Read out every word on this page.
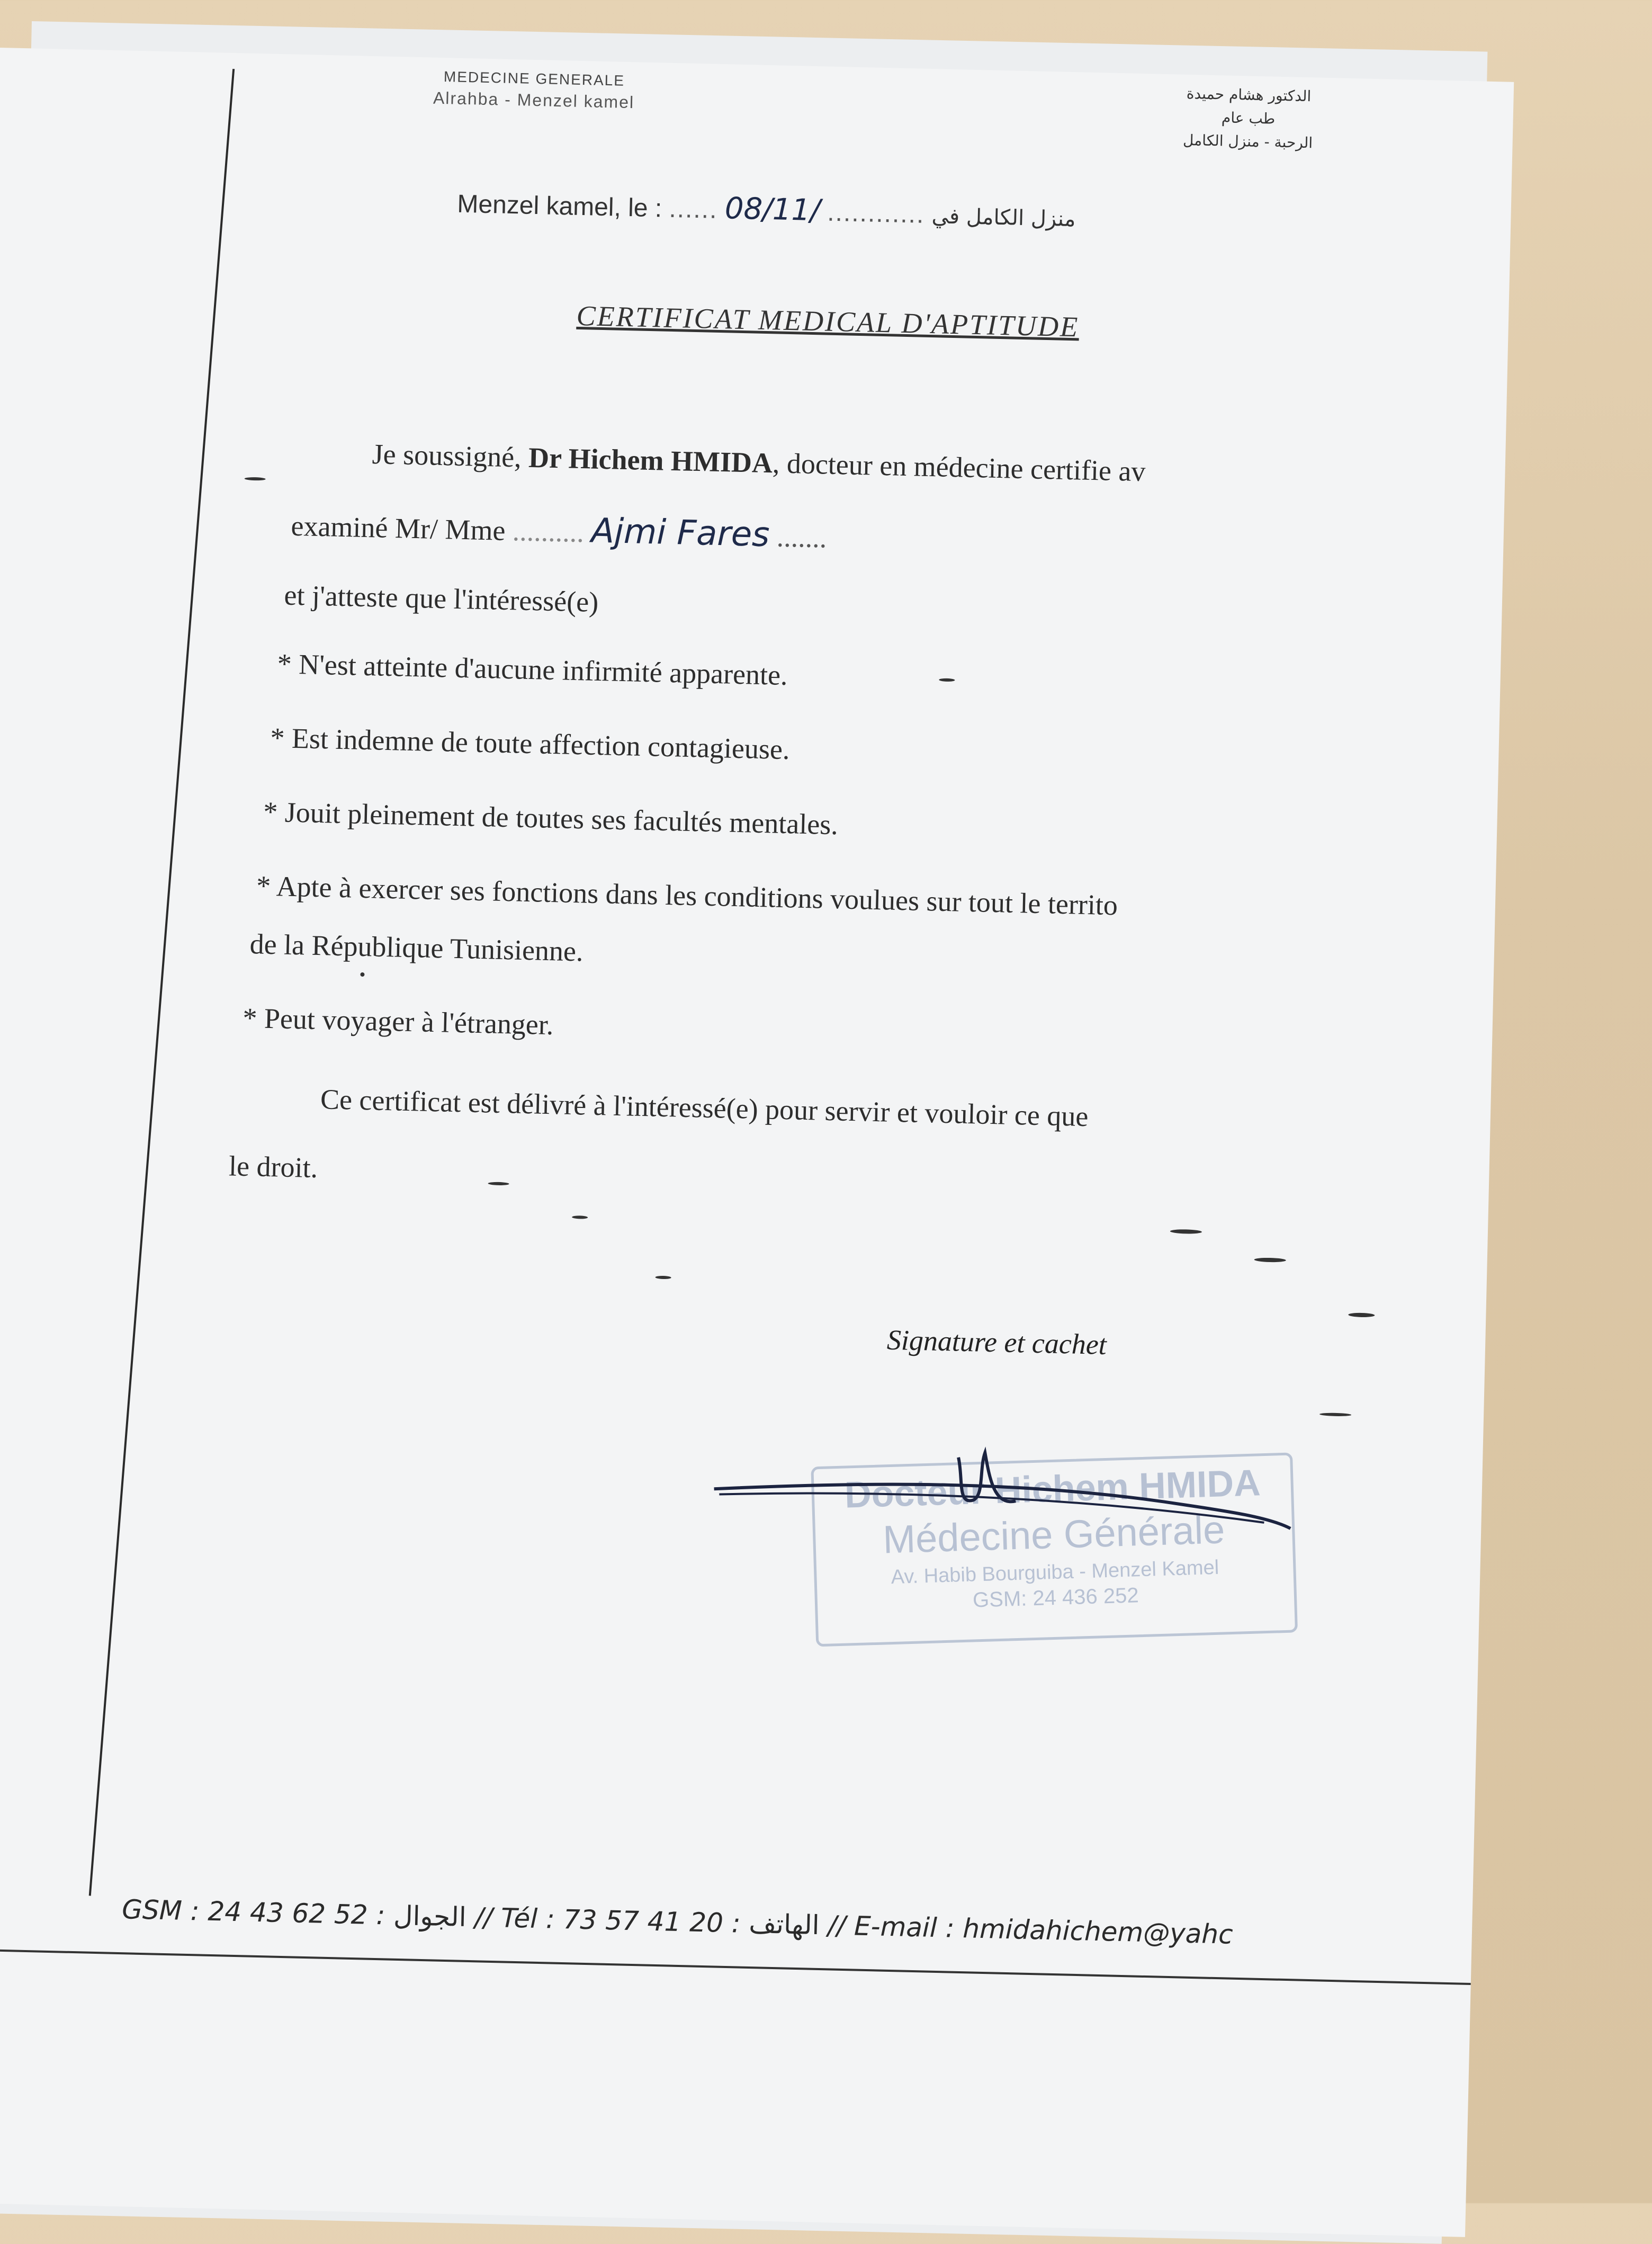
MEDECINE GENERALE
Alrahba - Menzel kamel	الدكتور هشام حميدة
طب عام
الرحبة - منزل الكامل
Menzel kamel, le : ...... 08/11/ ............ منزل الكامل في
CERTIFICAT MEDICAL D'APTITUDE
Je soussigné, Dr Hichem HMIDA, docteur en médecine certifie av
examiné Mr/ Mme .......... Ajmi Fares .......
et j'atteste que l'intéressé(e)
* N'est atteinte d'aucune infirmité apparente.
* Est indemne de toute affection contagieuse.
* Jouit pleinement de toutes ses facultés mentales.
* Apte à exercer ses fonctions dans les conditions voulues sur tout le territo
de la République Tunisienne.
* Peut voyager à l'étranger.
Ce certificat est délivré à l'intéressé(e) pour servir et vouloir ce que
le droit.
Signature et cachet
Docteur Hichem HMIDA
Médecine Générale
Av. Habib Bourguiba - Menzel Kamel
GSM: 24 436 252
GSM : 24 43 62 52 : الجوال // Tél : 73 57 41 20 : الهاتف // E-mail : hmidahichem@yahc
